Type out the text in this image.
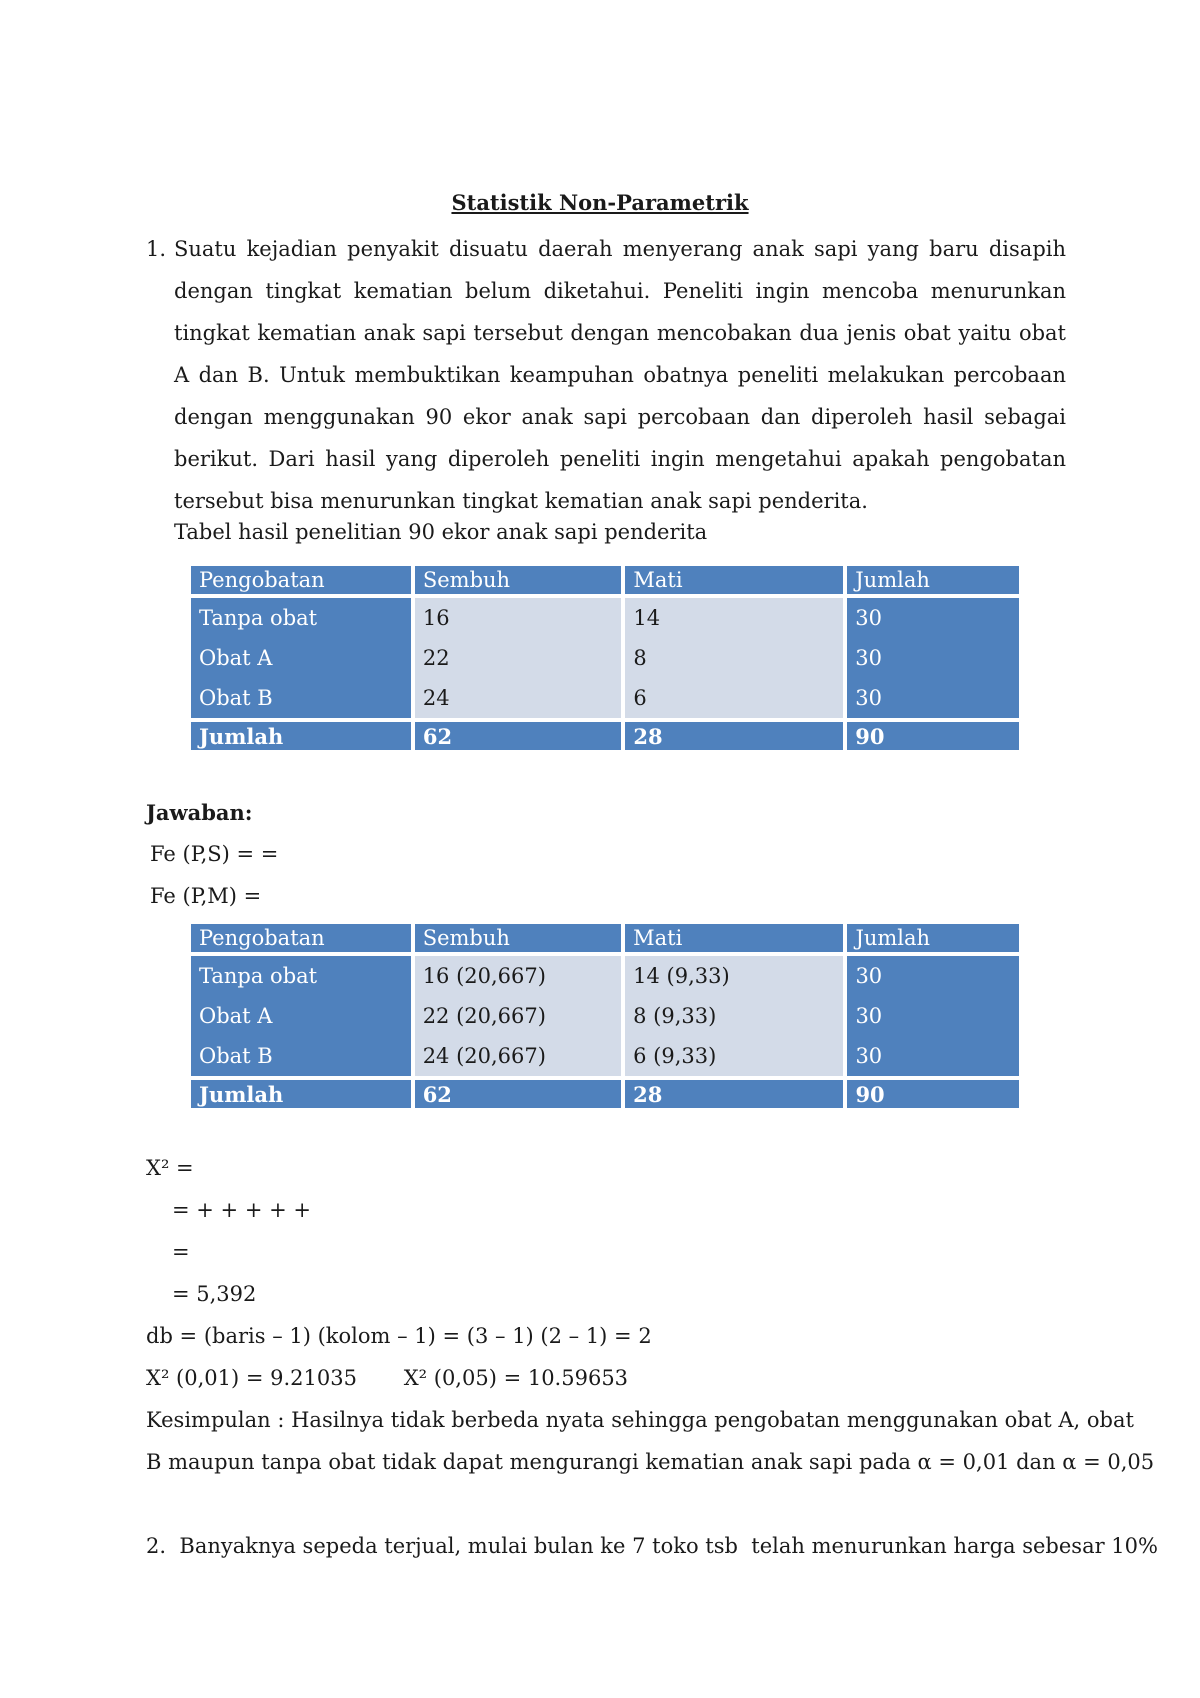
Statistik Non-Parametrik
1. Suatu kejadian penyakit disuatu daerah menyerang anak sapi yang baru disapih dengan tingkat kematian belum diketahui. Peneliti ingin mencoba menurunkan tingkat kematian anak sapi tersebut dengan mencobakan dua jenis obat yaitu obat A dan B. Untuk membuktikan keampuhan obatnya peneliti melakukan percobaan dengan menggunakan 90 ekor anak sapi percobaan dan diperoleh hasil sebagai berikut. Dari hasil yang diperoleh peneliti ingin mengetahui apakah pengobatan tersebut bisa menurunkan tingkat kematian anak sapi penderita.
Tabel hasil penelitian 90 ekor anak sapi penderita
Pengobatan	Sembuh	Mati	Jumlah

Tanpa obat	16	14	30
Obat A	22	8	30
Obat B	24	6	30

Jumlah	62	28	90
Jawaban:
Fe (P,S) = =
Fe (P,M) =
Pengobatan	Sembuh	Mati	Jumlah

Tanpa obat	16 (20,667)	14 (9,33)	30
Obat A	22 (20,667)	8 (9,33)	30
Obat B	24 (20,667)	6 (9,33)	30

Jumlah	62	28	90
X² =
= + + + + +
=
= 5,392
db = (baris – 1) (kolom – 1) = (3 – 1) (2 – 1) = 2
X² (0,01) = 9.21035       X² (0,05) = 10.59653
Kesimpulan : Hasilnya tidak berbeda nyata sehingga pengobatan menggunakan obat A, obat
B maupun tanpa obat tidak dapat mengurangi kematian anak sapi pada α = 0,01 dan α = 0,05
2.  Banyaknya sepeda terjual, mulai bulan ke 7 toko tsb  telah menurunkan harga sebesar 10%
